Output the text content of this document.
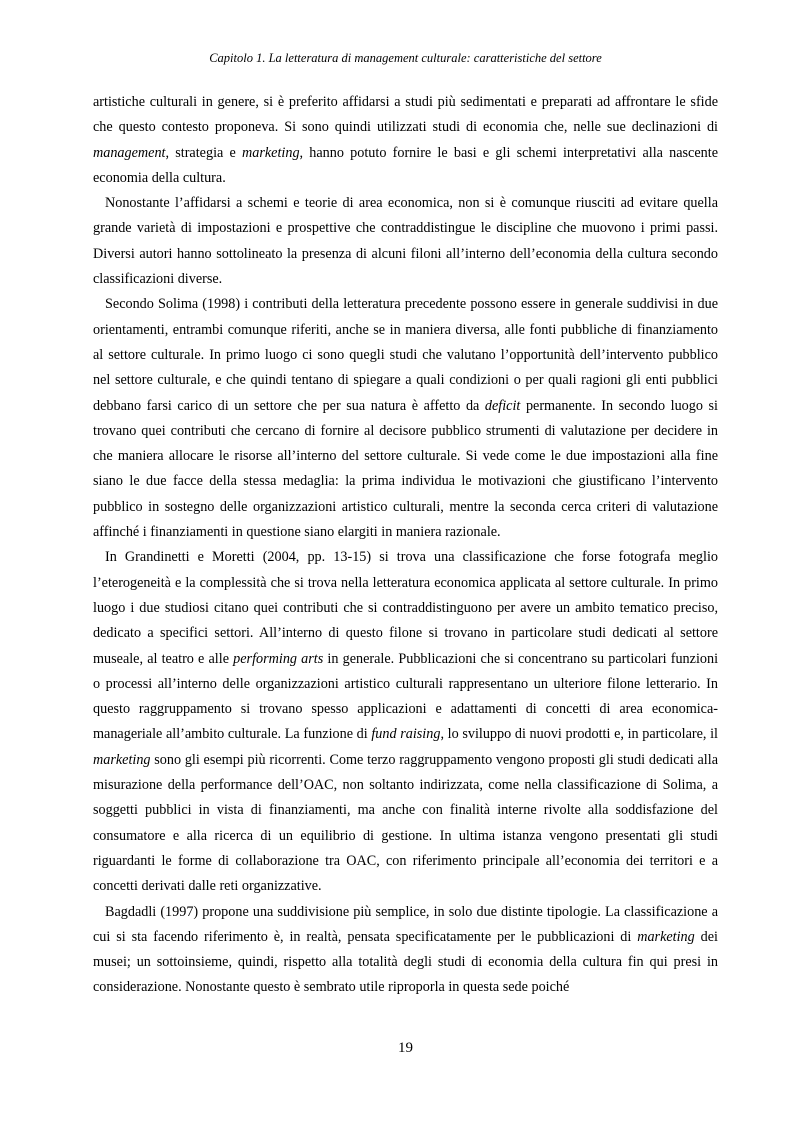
Capitolo 1. La letteratura di management culturale: caratteristiche del settore

artistiche culturali in genere, si è preferito affidarsi a studi più sedimentati e preparati ad affrontare le sfide che questo contesto proponeva. Si sono quindi utilizzati studi di economia che, nelle sue declinazioni di management, strategia e marketing, hanno potuto fornire le basi e gli schemi interpretativi alla nascente economia della cultura.

Nonostante l’affidarsi a schemi e teorie di area economica, non si è comunque riusciti ad evitare quella grande varietà di impostazioni e prospettive che contraddistingue le discipline che muovono i primi passi. Diversi autori hanno sottolineato la presenza di alcuni filoni all’interno dell’economia della cultura secondo classificazioni diverse.

Secondo Solima (1998) i contributi della letteratura precedente possono essere in generale suddivisi in due orientamenti, entrambi comunque riferiti, anche se in maniera diversa, alle fonti pubbliche di finanziamento al settore culturale. In primo luogo ci sono quegli studi che valutano l’opportunità dell’intervento pubblico nel settore culturale, e che quindi tentano di spiegare a quali condizioni o per quali ragioni gli enti pubblici debbano farsi carico di un settore che per sua natura è affetto da deficit permanente. In secondo luogo si trovano quei contributi che cercano di fornire al decisore pubblico strumenti di valutazione per decidere in che maniera allocare le risorse all’interno del settore culturale. Si vede come le due impostazioni alla fine siano le due facce della stessa medaglia: la prima individua le motivazioni che giustificano l’intervento pubblico in sostegno delle organizzazioni artistico culturali, mentre la seconda cerca criteri di valutazione affinché i finanziamenti in questione siano elargiti in maniera razionale.

In Grandinetti e Moretti (2004, pp. 13-15) si trova una classificazione che forse fotografa meglio l’eterogeneità e la complessità che si trova nella letteratura economica applicata al settore culturale. In primo luogo i due studiosi citano quei contributi che si contraddistinguono per avere un ambito tematico preciso, dedicato a specifici settori. All’interno di questo filone si trovano in particolare studi dedicati al settore museale, al teatro e alle performing arts in generale. Pubblicazioni che si concentrano su particolari funzioni o processi all’interno delle organizzazioni artistico culturali rappresentano un ulteriore filone letterario. In questo raggruppamento si trovano spesso applicazioni e adattamenti di concetti di area economica-manageriale all’ambito culturale. La funzione di fund raising, lo sviluppo di nuovi prodotti e, in particolare, il marketing sono gli esempi più ricorrenti. Come terzo raggruppamento vengono proposti gli studi dedicati alla misurazione della performance dell’OAC, non soltanto indirizzata, come nella classificazione di Solima, a soggetti pubblici in vista di finanziamenti, ma anche con finalità interne rivolte alla soddisfazione del consumatore e alla ricerca di un equilibrio di gestione. In ultima istanza vengono presentati gli studi riguardanti le forme di collaborazione tra OAC, con riferimento principale all’economia dei territori e a concetti derivati dalle reti organizzative.

Bagdadli (1997) propone una suddivisione più semplice, in solo due distinte tipologie. La classificazione a cui si sta facendo riferimento è, in realtà, pensata specificatamente per le pubblicazioni di marketing dei musei; un sottoinsieme, quindi, rispetto alla totalità degli studi di economia della cultura fin qui presi in considerazione. Nonostante questo è sembrato utile riproporla in questa sede poiché

19
